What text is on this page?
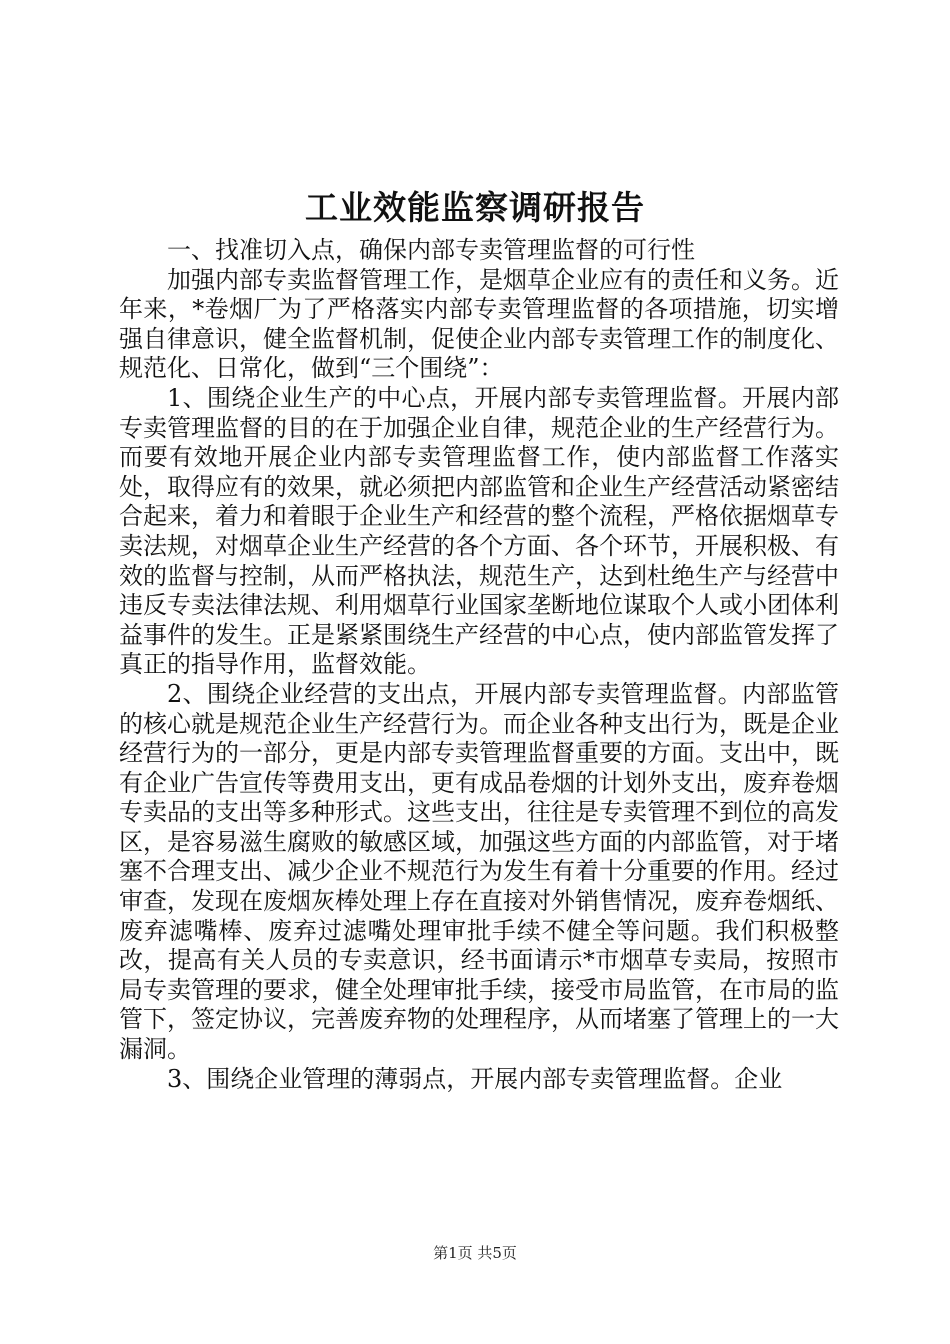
工业效能监察调研报告

一、找准切入点，确保内部专卖管理监督的可行性

加强内部专卖监督管理工作，是烟草企业应有的责任和义务。近年来，*卷烟厂为了严格落实内部专卖管理监督的各项措施，切实增强自律意识，健全监督机制，促使企业内部专卖管理工作的制度化、规范化、日常化，做到“三个围绕”：

1、围绕企业生产的中心点，开展内部专卖管理监督。开展内部专卖管理监督的目的在于加强企业自律，规范企业的生产经营行为。而要有效地开展企业内部专卖管理监督工作，使内部监督工作落实处，取得应有的效果，就必须把内部监管和企业生产经营活动紧密结合起来，着力和着眼于企业生产和经营的整个流程，严格依据烟草专卖法规，对烟草企业生产经营的各个方面、各个环节，开展积极、有效的监督与控制，从而严格执法，规范生产，达到杜绝生产与经营中违反专卖法律法规、利用烟草行业国家垄断地位谋取个人或小团体利益事件的发生。正是紧紧围绕生产经营的中心点，使内部监管发挥了真正的指导作用，监督效能。

2、围绕企业经营的支出点，开展内部专卖管理监督。内部监管的核心就是规范企业生产经营行为。而企业各种支出行为，既是企业经营行为的一部分，更是内部专卖管理监督重要的方面。支出中，既有企业广告宣传等费用支出，更有成品卷烟的计划外支出，废弃卷烟专卖品的支出等多种形式。这些支出，往往是专卖管理不到位的高发区，是容易滋生腐败的敏感区域，加强这些方面的内部监管，对于堵塞不合理支出、减少企业不规范行为发生有着十分重要的作用。经过审查，发现在废烟灰棒处理上存在直接对外销售情况，废弃卷烟纸、废弃滤嘴棒、废弃过滤嘴处理审批手续不健全等问题。我们积极整改，提高有关人员的专卖意识，经书面请示*市烟草专卖局，按照市局专卖管理的要求，健全处理审批手续，接受市局监管，在市局的监管下，签定协议，完善废弃物的处理程序，从而堵塞了管理上的一大漏洞。

3、围绕企业管理的薄弱点，开展内部专卖管理监督。企业

第1页 共5页
